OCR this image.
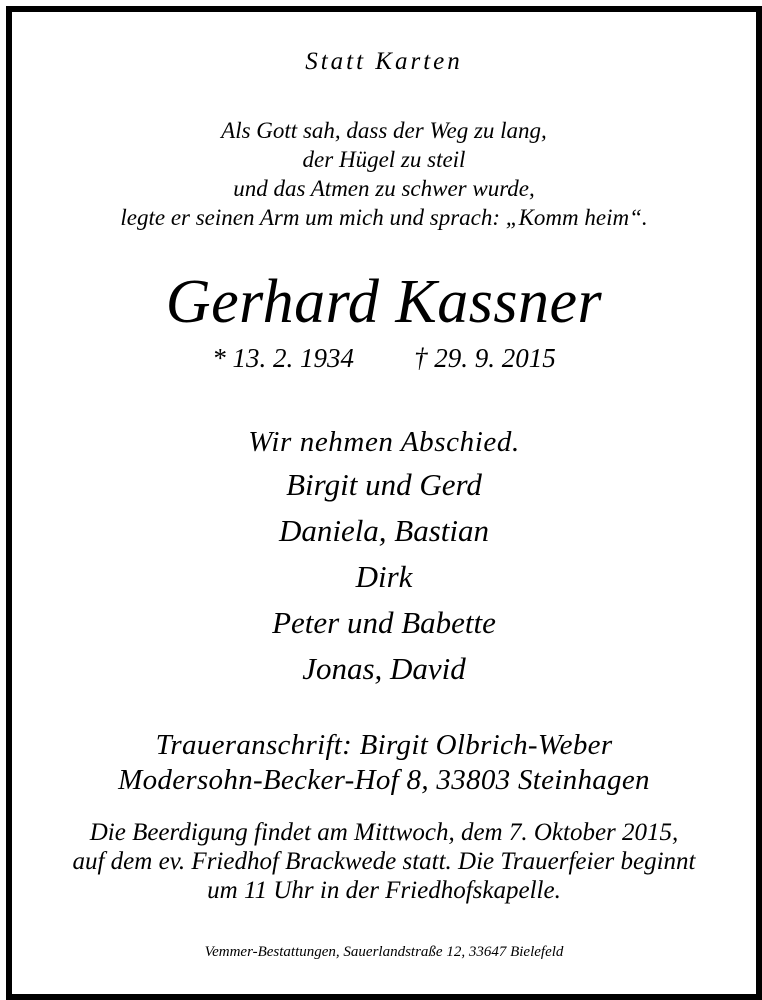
Statt Karten
Als Gott sah, dass der Weg zu lang,
der Hügel zu steil
und das Atmen zu schwer wurde,
legte er seinen Arm um mich und sprach: „Komm heim“.
Gerhard Kassner
* 13. 2. 1934 † 29. 9. 2015
Wir nehmen Abschied.
Birgit und Gerd
Daniela, Bastian
Dirk
Peter und Babette
Jonas, David
Traueranschrift: Birgit Olbrich-Weber
Modersohn-Becker-Hof 8, 33803 Steinhagen
Die Beerdigung findet am Mittwoch, dem 7. Oktober 2015,
auf dem ev. Friedhof Brackwede statt. Die Trauerfeier beginnt
um 11 Uhr in der Friedhofskapelle.
Vemmer-Bestattungen, Sauerlandstraße 12, 33647 Bielefeld
